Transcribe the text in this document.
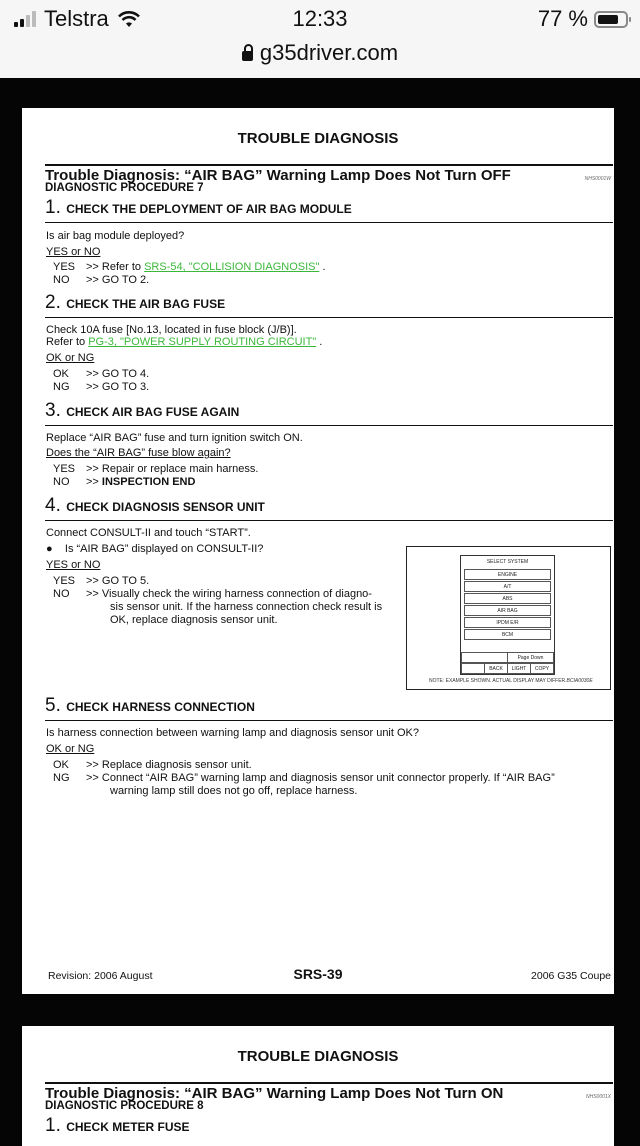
Telstra	12:33	77 %
g35driver.com
TROUBLE DIAGNOSIS
Trouble Diagnosis: “AIR BAG” Warning Lamp Does Not Turn OFF	NHS0001W
DIAGNOSTIC PROCEDURE 7
1. CHECK THE DEPLOYMENT OF AIR BAG MODULE
Is air bag module deployed?
YES or NO
YES >> Refer to SRS-54, "COLLISION DIAGNOSIS" .
NO >> GO TO 2.
2. CHECK THE AIR BAG FUSE
Check 10A fuse [No.13, located in fuse block (J/B)].
Refer to PG-3, "POWER SUPPLY ROUTING CIRCUIT" .
OK or NG
OK >> GO TO 4.
NG >> GO TO 3.
3. CHECK AIR BAG FUSE AGAIN
Replace “AIR BAG” fuse and turn ignition switch ON.
Does the “AIR BAG” fuse blow again?
YES >> Repair or replace main harness.
NO >> INSPECTION END
4. CHECK DIAGNOSIS SENSOR UNIT
Connect CONSULT-II and touch “START”.
● Is “AIR BAG” displayed on CONSULT-II?
YES or NO
YES >> GO TO 5.
NO >> Visually check the wiring harness connection of diagno-
sis sensor unit. If the harness connection check result is
OK, replace diagnosis sensor unit.
SELECT SYSTEM
ENGINE
A/T
ABS
AIR BAG
IPDM E/R
BCM
Page Down
BACK	LIGHT	COPY
NOTE: EXAMPLE SHOWN. ACTUAL DISPLAY MAY DIFFER.BCIA0030E
5. CHECK HARNESS CONNECTION
Is harness connection between warning lamp and diagnosis sensor unit OK?
OK or NG
OK >> Replace diagnosis sensor unit.
NG >> Connect “AIR BAG” warning lamp and diagnosis sensor unit connector properly. If “AIR BAG”
warning lamp still does not go off, replace harness.
Revision: 2006 August	SRS-39	2006 G35 Coupe
TROUBLE DIAGNOSIS
Trouble Diagnosis: “AIR BAG” Warning Lamp Does Not Turn ON	NHS0001X
DIAGNOSTIC PROCEDURE 8
1. CHECK METER FUSE
